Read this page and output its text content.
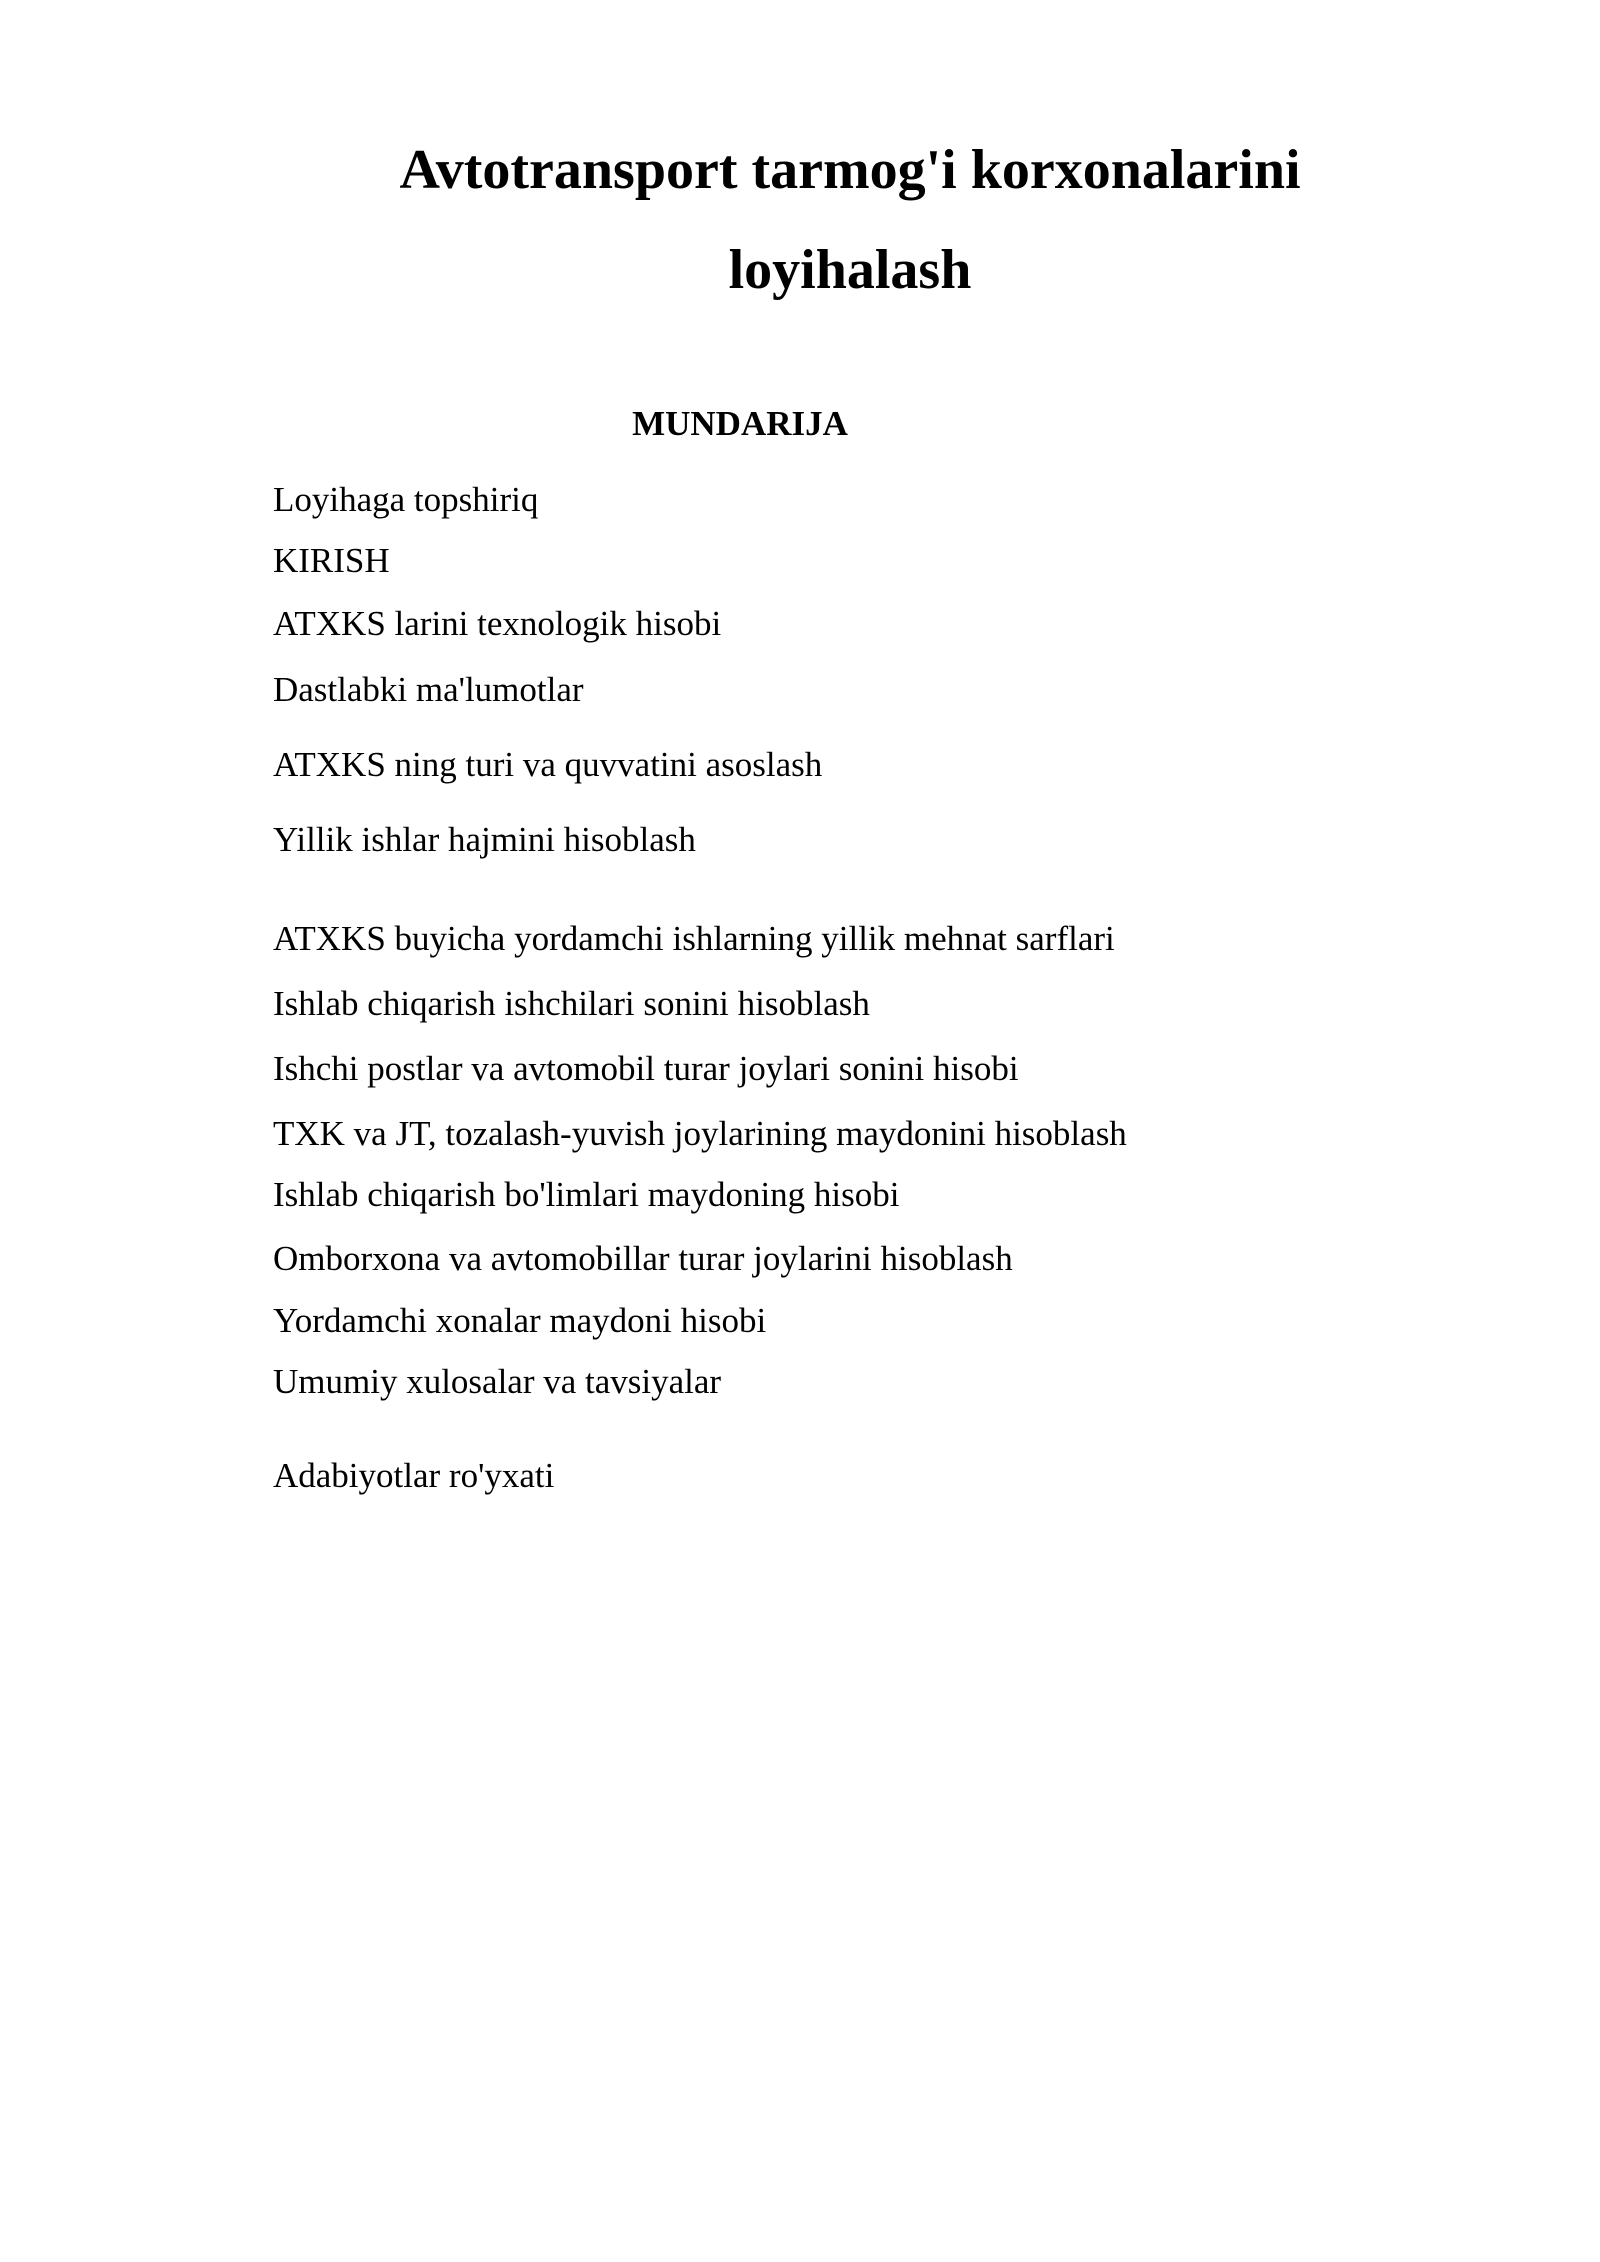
Avtotransport tarmog'i korxonalarini
loyihalash
MUNDARIJA
Loyihaga topshiriq
KIRISH
ATXKS larini texnologik hisobi
Dastlabki ma'lumotlar
ATXKS ning turi va quvvatini asoslash
Yillik ishlar hajmini hisoblash
ATXKS buyicha yordamchi ishlarning yillik mehnat sarflari
Ishlab chiqarish ishchilari sonini hisoblash
Ishchi postlar va avtomobil turar joylari sonini hisobi
TXK va JT, tozalash-yuvish joylarining maydonini hisoblash
Ishlab chiqarish bo'limlari maydoning hisobi
Omborxona va avtomobillar turar joylarini hisoblash
Yordamchi xonalar maydoni hisobi
Umumiy xulosalar va tavsiyalar
Adabiyotlar ro'yxati
